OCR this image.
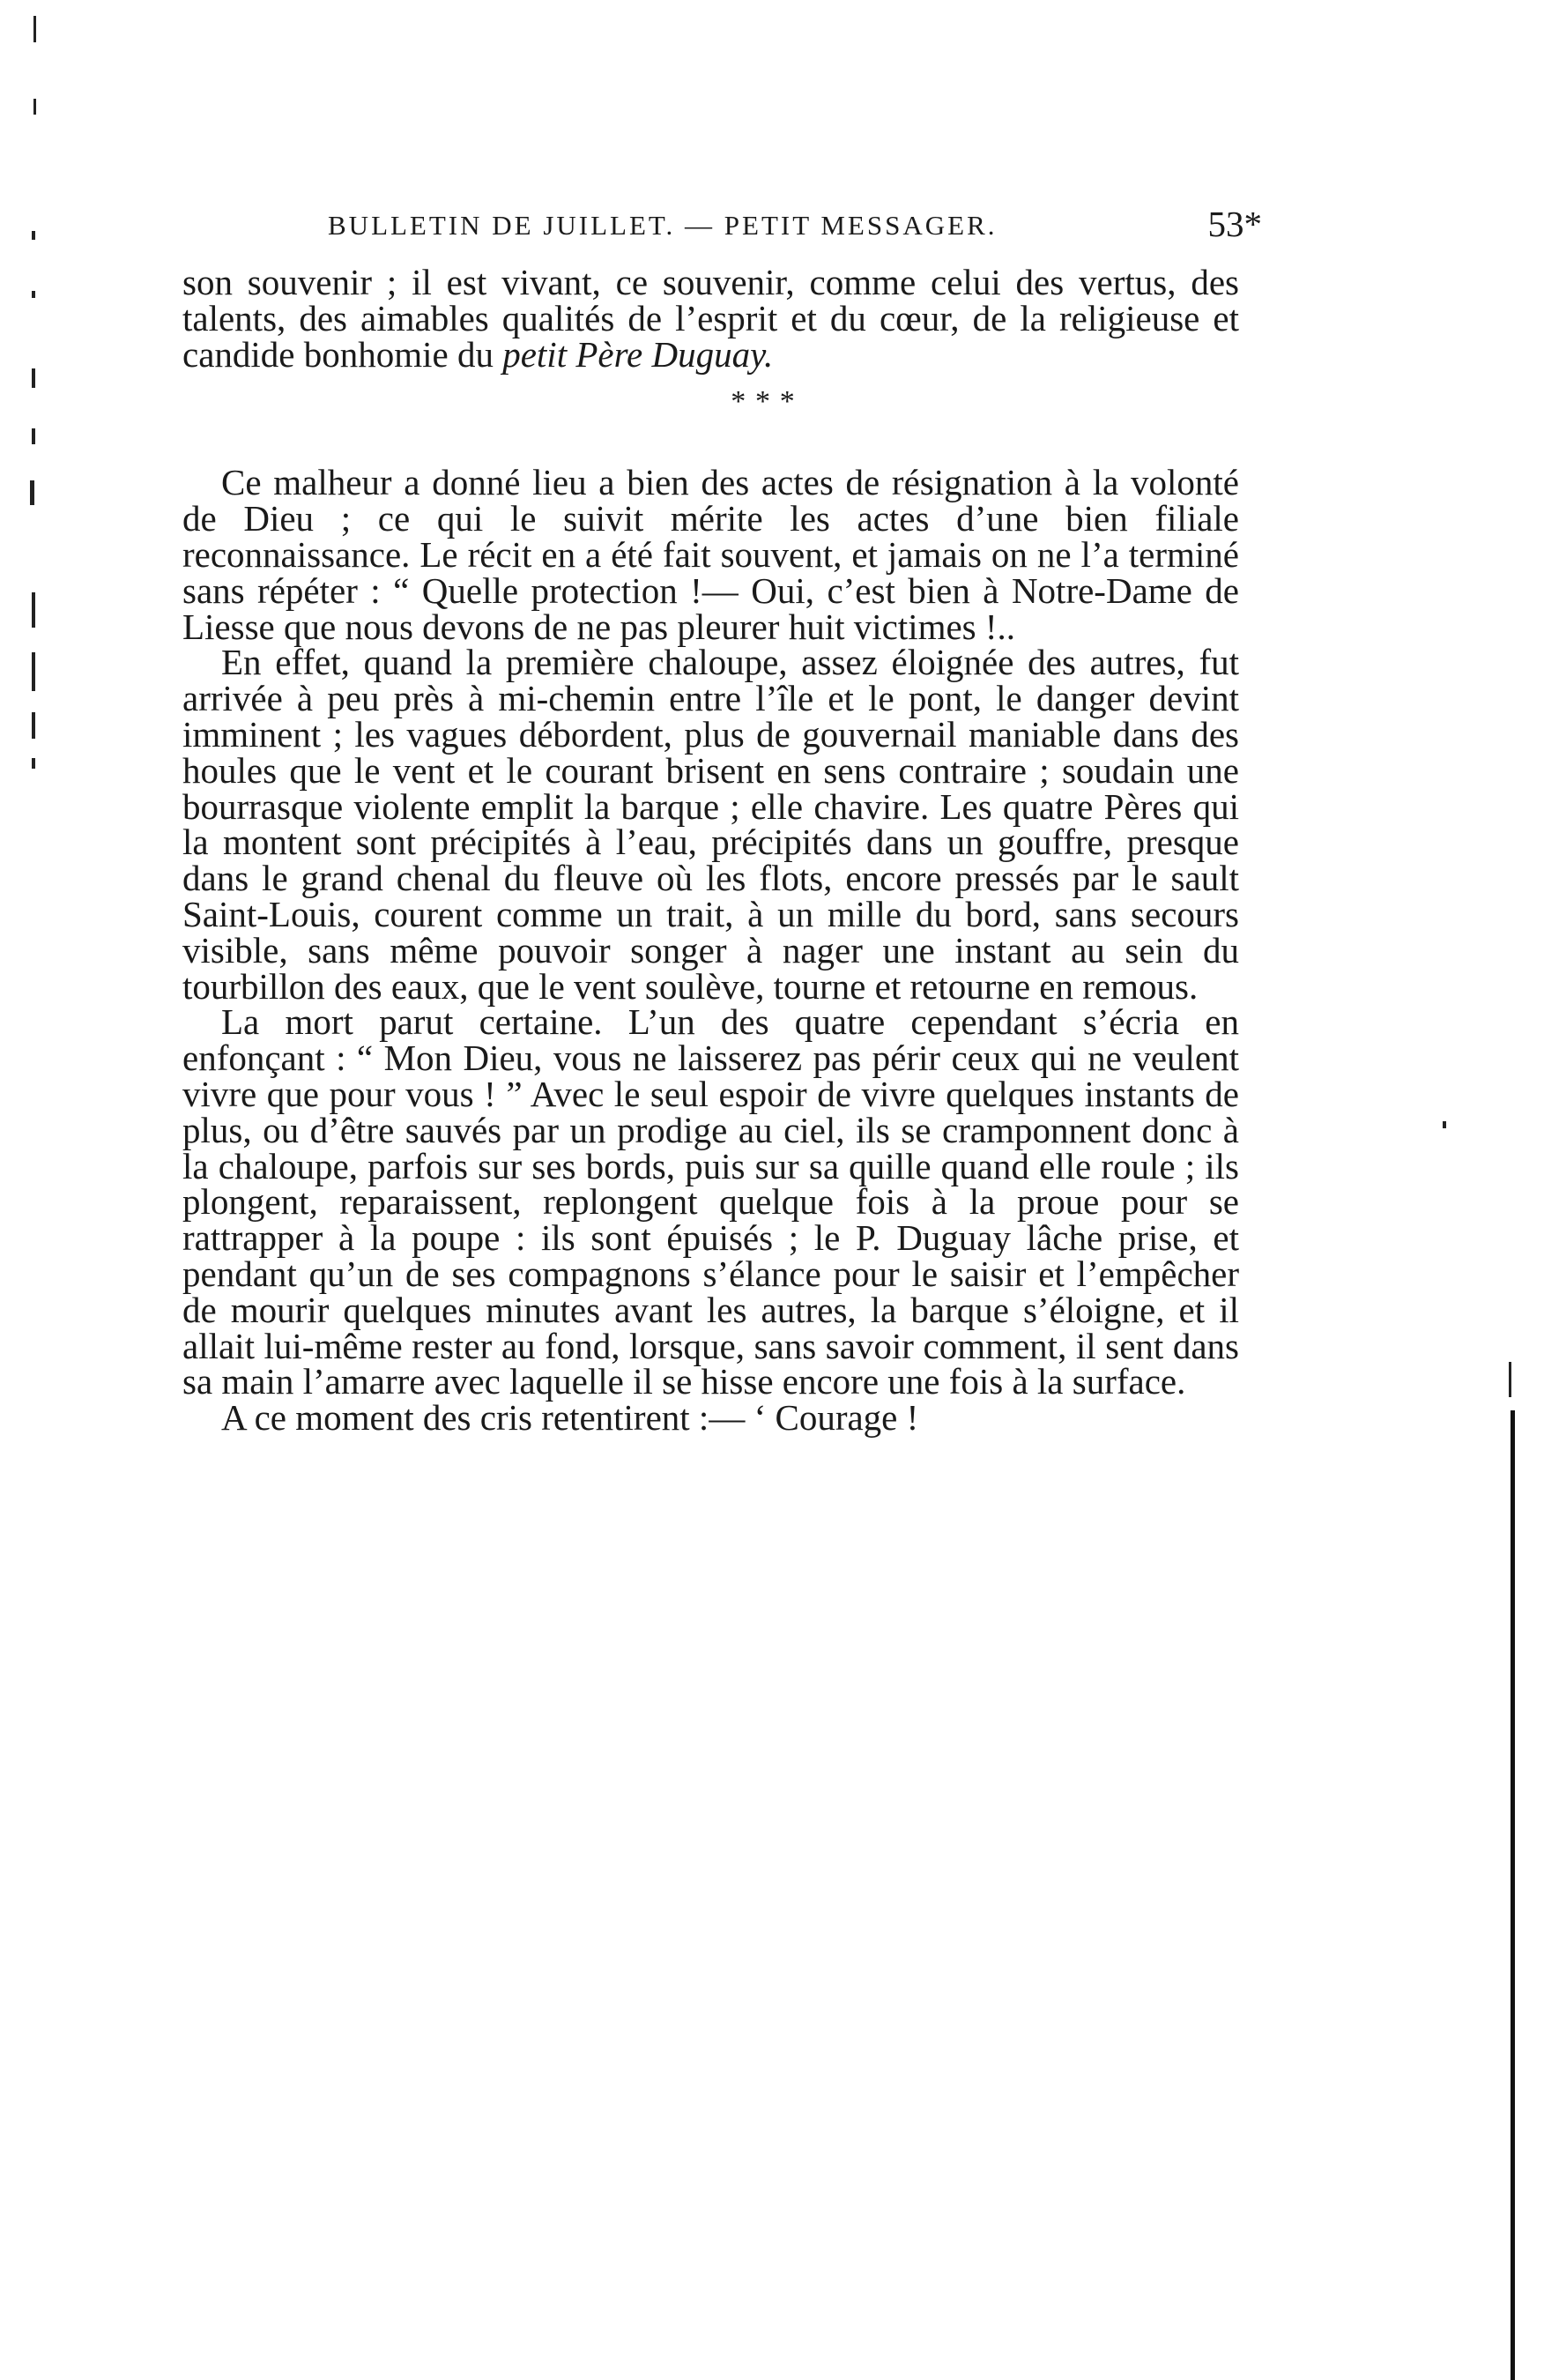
BULLETIN DE JUILLET. — PETIT MESSAGER.	53*

son souvenir ; il est vivant, ce souvenir, comme celui des vertus, des talents, des aimables qualités de l’esprit et du cœur, de la religieuse et candide bonhomie du petit Père Duguay.

* * *

Ce malheur a donné lieu a bien des actes de résignation à la volonté de Dieu ; ce qui le suivit mérite les actes d’une bien filiale reconnaissance. Le récit en a été fait souvent, et jamais on ne l’a terminé sans répéter : “ Quelle protection !— Oui, c’est bien à Notre-Dame de Liesse que nous devons de ne pas pleurer huit victimes !..

En effet, quand la première chaloupe, assez éloignée des autres, fut arrivée à peu près à mi-chemin entre l’île et le pont, le danger devint imminent ; les vagues débordent, plus de gouvernail maniable dans des houles que le vent et le courant brisent en sens contraire ; soudain une bourrasque violente emplit la barque ; elle chavire. Les quatre Pères qui la montent sont précipités à l’eau, précipités dans un gouffre, presque dans le grand chenal du fleuve où les flots, encore pressés par le sault Saint-Louis, courent comme un trait, à un mille du bord, sans secours visible, sans même pouvoir songer à nager une instant au sein du tourbillon des eaux, que le vent soulève, tourne et retourne en remous.

La mort parut certaine. L’un des quatre cependant s’écria en enfonçant : “ Mon Dieu, vous ne laisserez pas périr ceux qui ne veulent vivre que pour vous ! ” Avec le seul espoir de vivre quelques instants de plus, ou d’être sauvés par un prodige au ciel, ils se cramponnent donc à la chaloupe, parfois sur ses bords, puis sur sa quille quand elle roule ; ils plongent, reparaissent, replongent quelque fois à la proue pour se rattrapper à la poupe : ils sont épuisés ; le P. Duguay lâche prise, et pendant qu’un de ses compagnons s’élance pour le saisir et l’empêcher de mourir quelques minutes avant les autres, la barque s’éloigne, et il allait lui-même rester au fond, lorsque, sans savoir comment, il sent dans sa main l’amarre avec laquelle il se hisse encore une fois à la surface.

A ce moment des cris retentirent :— ‘ Courage !
